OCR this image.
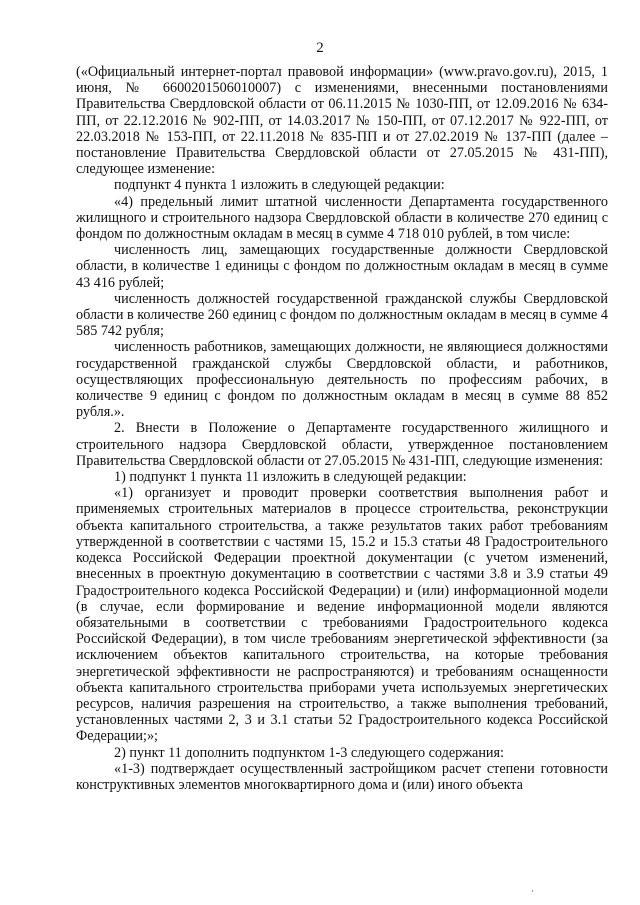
2

(«Официальный интернет-портал правовой информации» (www.pravo.gov.ru), 2015, 1 июня, № 6600201506010007) с изменениями, внесенными постановлениями Правительства Свердловской области от 06.11.2015 № 1030-ПП, от 12.09.2016 № 634-ПП, от 22.12.2016 № 902-ПП, от 14.03.2017 № 150-ПП, от 07.12.2017 № 922-ПП, от 22.03.2018 № 153-ПП, от 22.11.2018 № 835-ПП и от 27.02.2019 № 137-ПП (далее – постановление Правительства Свердловской области от 27.05.2015 № 431-ПП), следующее изменение:

подпункт 4 пункта 1 изложить в следующей редакции:

«4) предельный лимит штатной численности Департамента государственного жилищного и строительного надзора Свердловской области в количестве 270 единиц с фондом по должностным окладам в месяц в сумме 4 718 010 рублей, в том числе:

численность лиц, замещающих государственные должности Свердловской области, в количестве 1 единицы с фондом по должностным окладам в месяц в сумме 43 416 рублей;

численность должностей государственной гражданской службы Свердловской области в количестве 260 единиц с фондом по должностным окладам в месяц в сумме 4 585 742 рубля;

численность работников, замещающих должности, не являющиеся должностями государственной гражданской службы Свердловской области, и работников, осуществляющих профессиональную деятельность по профессиям рабочих, в количестве 9 единиц с фондом по должностным окладам в месяц в сумме 88 852 рубля.».

2. Внести в Положение о Департаменте государственного жилищного и строительного надзора Свердловской области, утвержденное постановлением Правительства Свердловской области от 27.05.2015 № 431-ПП, следующие изменения:

1) подпункт 1 пункта 11 изложить в следующей редакции:

«1) организует и проводит проверки соответствия выполнения работ и применяемых строительных материалов в процессе строительства, реконструкции объекта капитального строительства, а также результатов таких работ требованиям утвержденной в соответствии с частями 15, 15.2 и 15.3 статьи 48 Градостроительного кодекса Российской Федерации проектной документации (с учетом изменений, внесенных в проектную документацию в соответствии с частями 3.8 и 3.9 статьи 49 Градостроительного кодекса Российской Федерации) и (или) информационной модели (в случае, если формирование и ведение информационной модели являются обязательными в соответствии с требованиями Градостроительного кодекса Российской Федерации), в том числе требованиям энергетической эффективности (за исключением объектов капитального строительства, на которые требования энергетической эффективности не распространяются) и требованиям оснащенности объекта капитального строительства приборами учета используемых энергетических ресурсов, наличия разрешения на строительство, а также выполнения требований, установленных частями 2, 3 и 3.1 статьи 52 Градостроительного кодекса Российской Федерации;»;

2) пункт 11 дополнить подпунктом 1-3 следующего содержания:

«1-3) подтверждает осуществленный застройщиком расчет степени готовности конструктивных элементов многоквартирного дома и (или) иного объекта

·
